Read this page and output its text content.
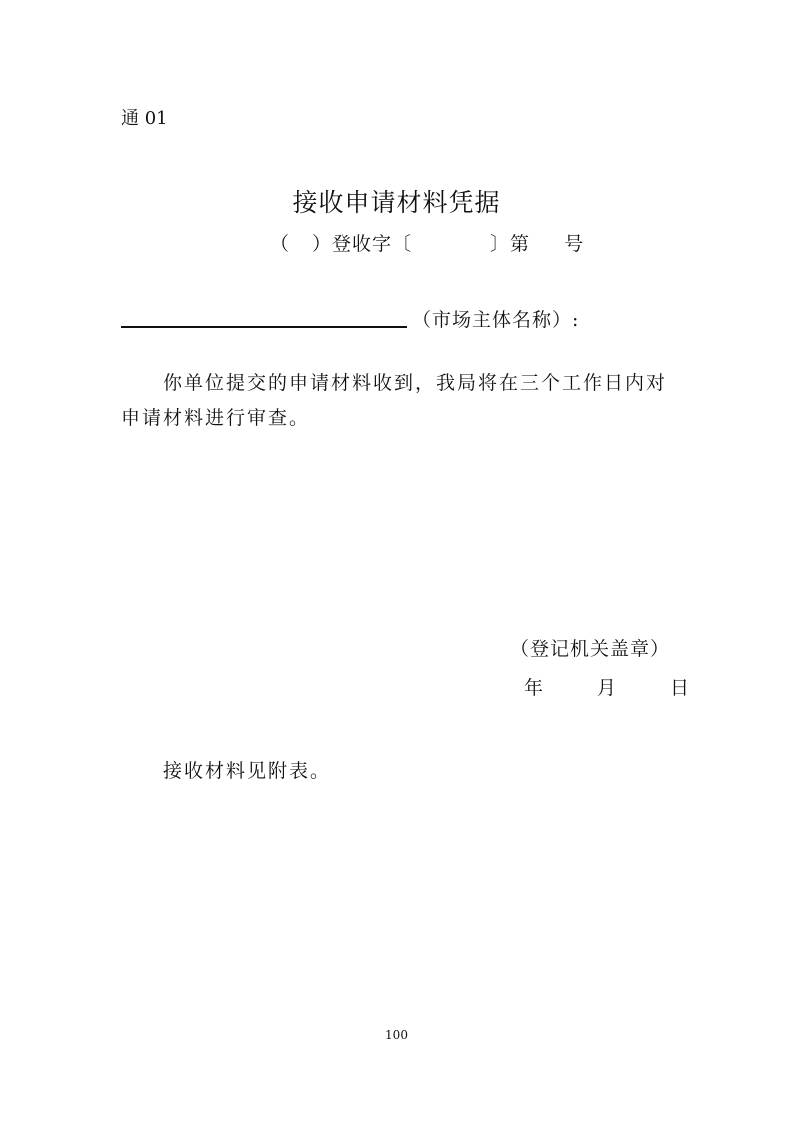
通 01
接收申请材料凭据
（ ）登收字〔	〕第 号
（市场主体名称）:
你单位提交的申请材料收到，我局将在三个工作日内对申请材料进行审查。
（登记机关盖章）
年	月	日
接收材料见附表。
100
